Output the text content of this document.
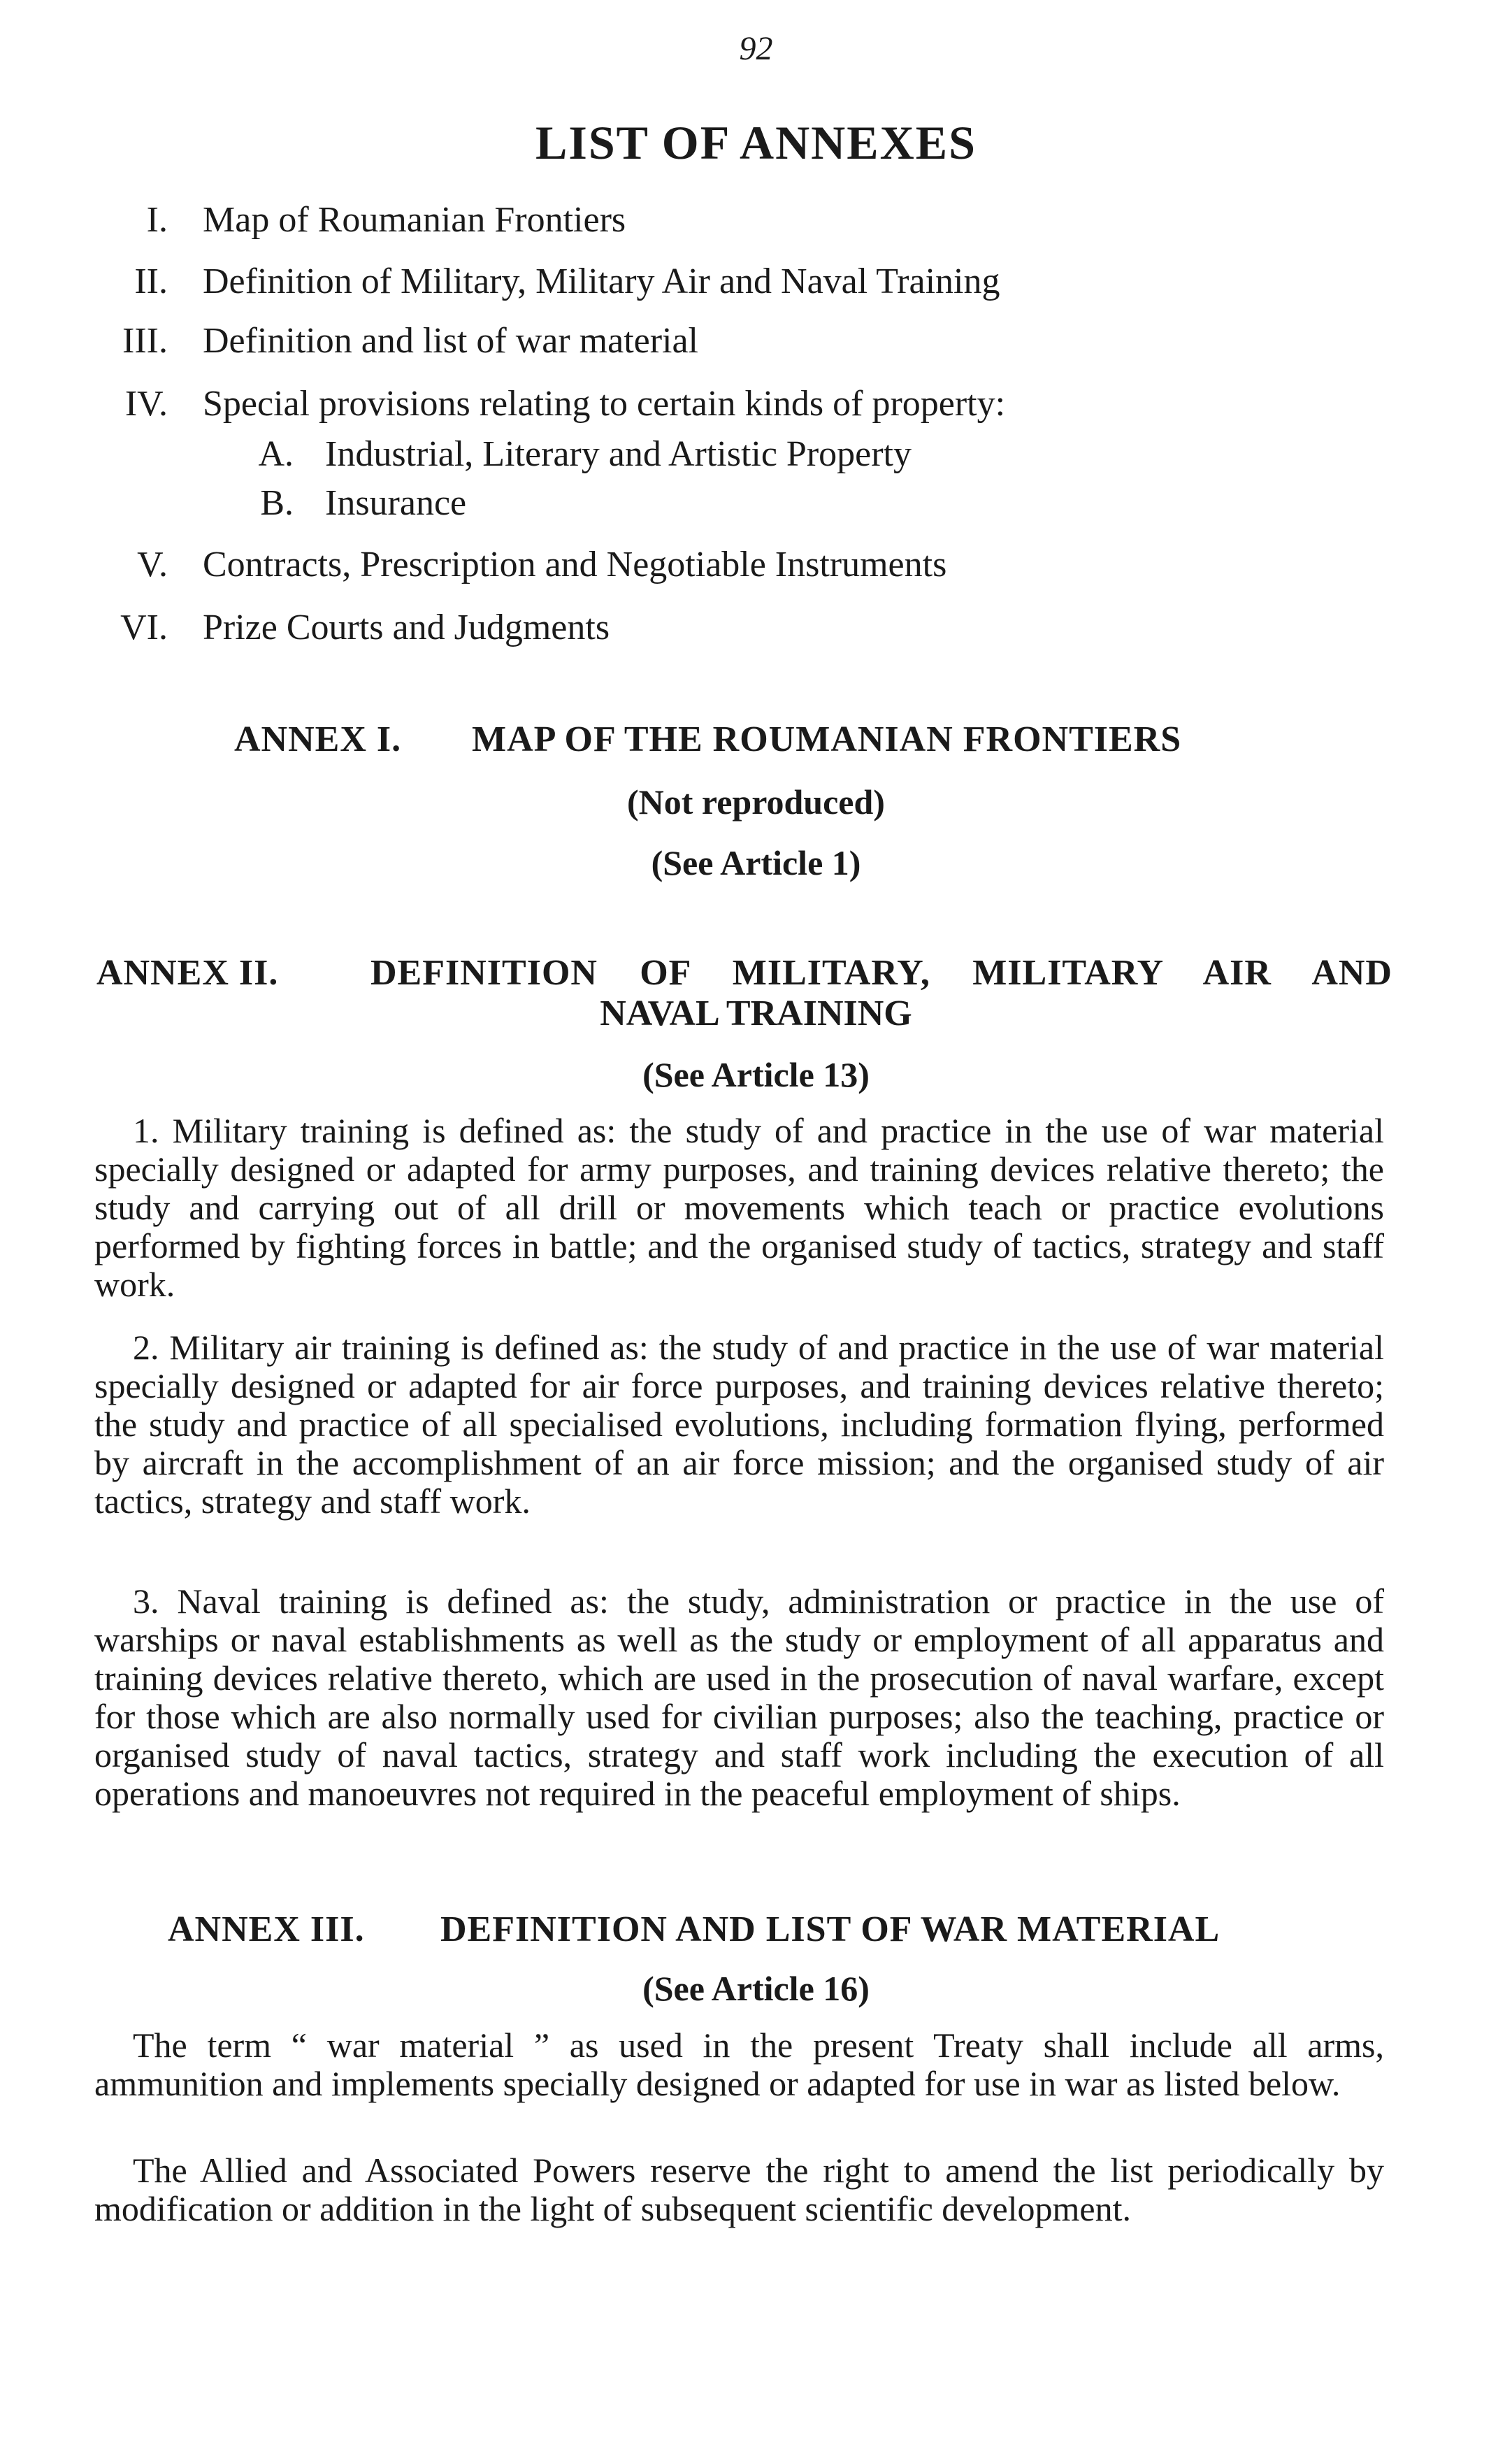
92
LIST OF ANNEXES
I. Map of Roumanian Frontiers
II. Definition of Military, Military Air and Naval Training
III. Definition and list of war material
IV. Special provisions relating to certain kinds of property:
A. Industrial, Literary and Artistic Property
B. Insurance
V. Contracts, Prescription and Negotiable Instruments
VI. Prize Courts and Judgments
ANNEX I. MAP OF THE ROUMANIAN FRONTIERS
(Not reproduced)
(See Article 1)
ANNEX II.	DEFINITION OF MILITARY, MILITARY AIR AND
NAVAL TRAINING
(See Article 13)
1. Military training is defined as: the study of and practice in the use of war material specially designed or adapted for army purposes, and training devices relative thereto; the study and carrying out of all drill or movements which teach or practice evolutions performed by fighting forces in battle; and the organised study of tactics, strategy and staff work.
2. Military air training is defined as: the study of and practice in the use of war material specially designed or adapted for air force purposes, and training devices relative thereto; the study and practice of all specialised evolutions, including formation flying, performed by aircraft in the accomplishment of an air force mission; and the organised study of air tactics, strategy and staff work.
3. Naval training is defined as: the study, administration or practice in the use of warships or naval establishments as well as the study or employment of all apparatus and training devices relative thereto, which are used in the prosecution of naval warfare, except for those which are also normally used for civilian purposes; also the teaching, practice or organised study of naval tactics, strategy and staff work including the execution of all operations and manoeuvres not required in the peaceful employment of ships.
ANNEX III. DEFINITION AND LIST OF WAR MATERIAL
(See Article 16)
The term “ war material ” as used in the present Treaty shall include all arms, ammunition and implements specially designed or adapted for use in war as listed below.
The Allied and Associated Powers reserve the right to amend the list periodically by modification or addition in the light of subsequent scientific development.
